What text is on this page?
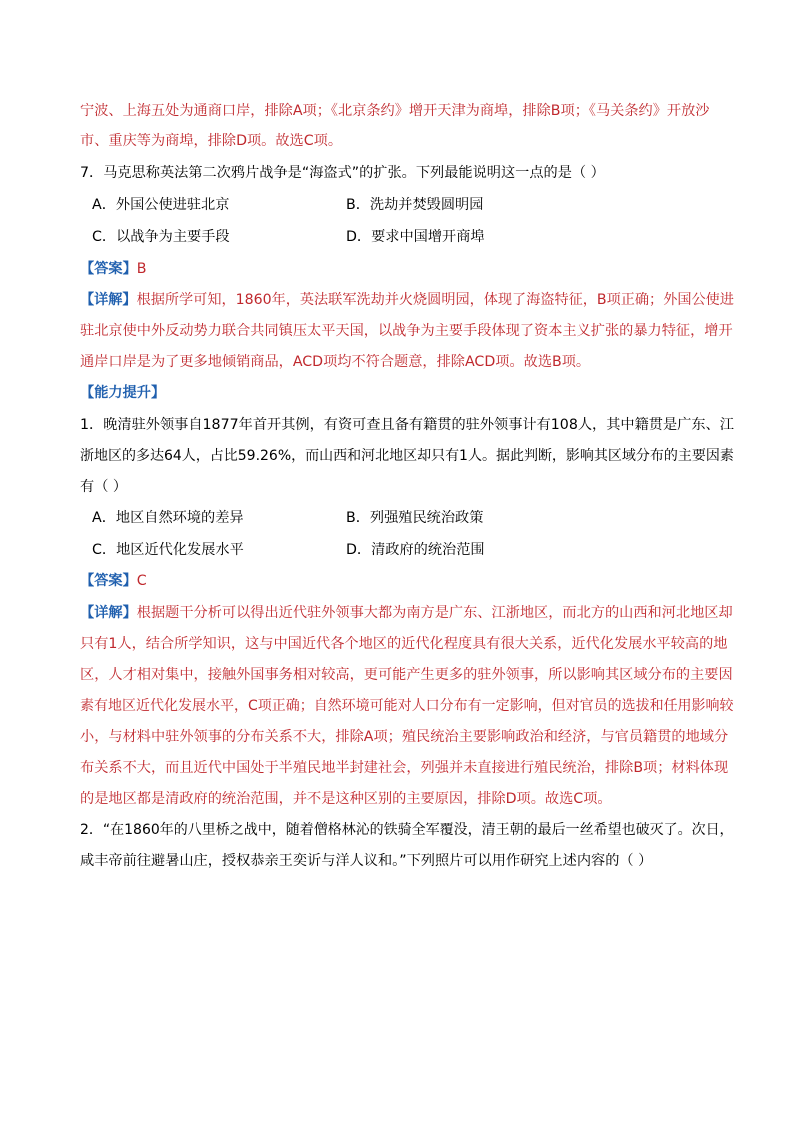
宁波、上海五处为通商口岸，排除A项；《北京条约》增开天津为商埠，排除B项；《马关条约》开放沙
市、重庆等为商埠，排除D项。故选C项。
7．马克思称英法第二次鸦片战争是“海盗式”的扩张。下列最能说明这一点的是（ ）
A．外国公使进驻北京	B．洗劫并焚毁圆明园
C．以战争为主要手段	D．要求中国增开商埠
【答案】B
【详解】根据所学可知，1860年，英法联军洗劫并火烧圆明园，体现了海盗特征，B项正确；外国公使进
驻北京使中外反动势力联合共同镇压太平天国，以战争为主要手段体现了资本主义扩张的暴力特征，增开
通岸口岸是为了更多地倾销商品，ACD项均不符合题意，排除ACD项。故选B项。
【能力提升】
1．晚清驻外领事自1877年首开其例，有资可查且备有籍贯的驻外领事计有108人，其中籍贯是广东、江
浙地区的多达64人，占比59.26%，而山西和河北地区却只有1人。据此判断，影响其区域分布的主要因素
有（ ）
A．地区自然环境的差异	B．列强殖民统治政策
C．地区近代化发展水平	D．清政府的统治范围
【答案】C
【详解】根据题干分析可以得出近代驻外领事大都为南方是广东、江浙地区，而北方的山西和河北地区却
只有1人，结合所学知识，这与中国近代各个地区的近代化程度具有很大关系，近代化发展水平较高的地
区，人才相对集中，接触外国事务相对较高，更可能产生更多的驻外领事，所以影响其区域分布的主要因
素有地区近代化发展水平，C项正确；自然环境可能对人口分布有一定影响，但对官员的选拔和任用影响较
小，与材料中驻外领事的分布关系不大，排除A项；殖民统治主要影响政治和经济，与官员籍贯的地域分
布关系不大，而且近代中国处于半殖民地半封建社会，列强并未直接进行殖民统治，排除B项；材料体现
的是地区都是清政府的统治范围，并不是这种区别的主要原因，排除D项。故选C项。
2．“在1860年的八里桥之战中，随着僧格林沁的铁骑全军覆没，清王朝的最后一丝希望也破灭了。次日，
咸丰帝前往避暑山庄，授权恭亲王奕䜣与洋人议和。”下列照片可以用作研究上述内容的（ ）
